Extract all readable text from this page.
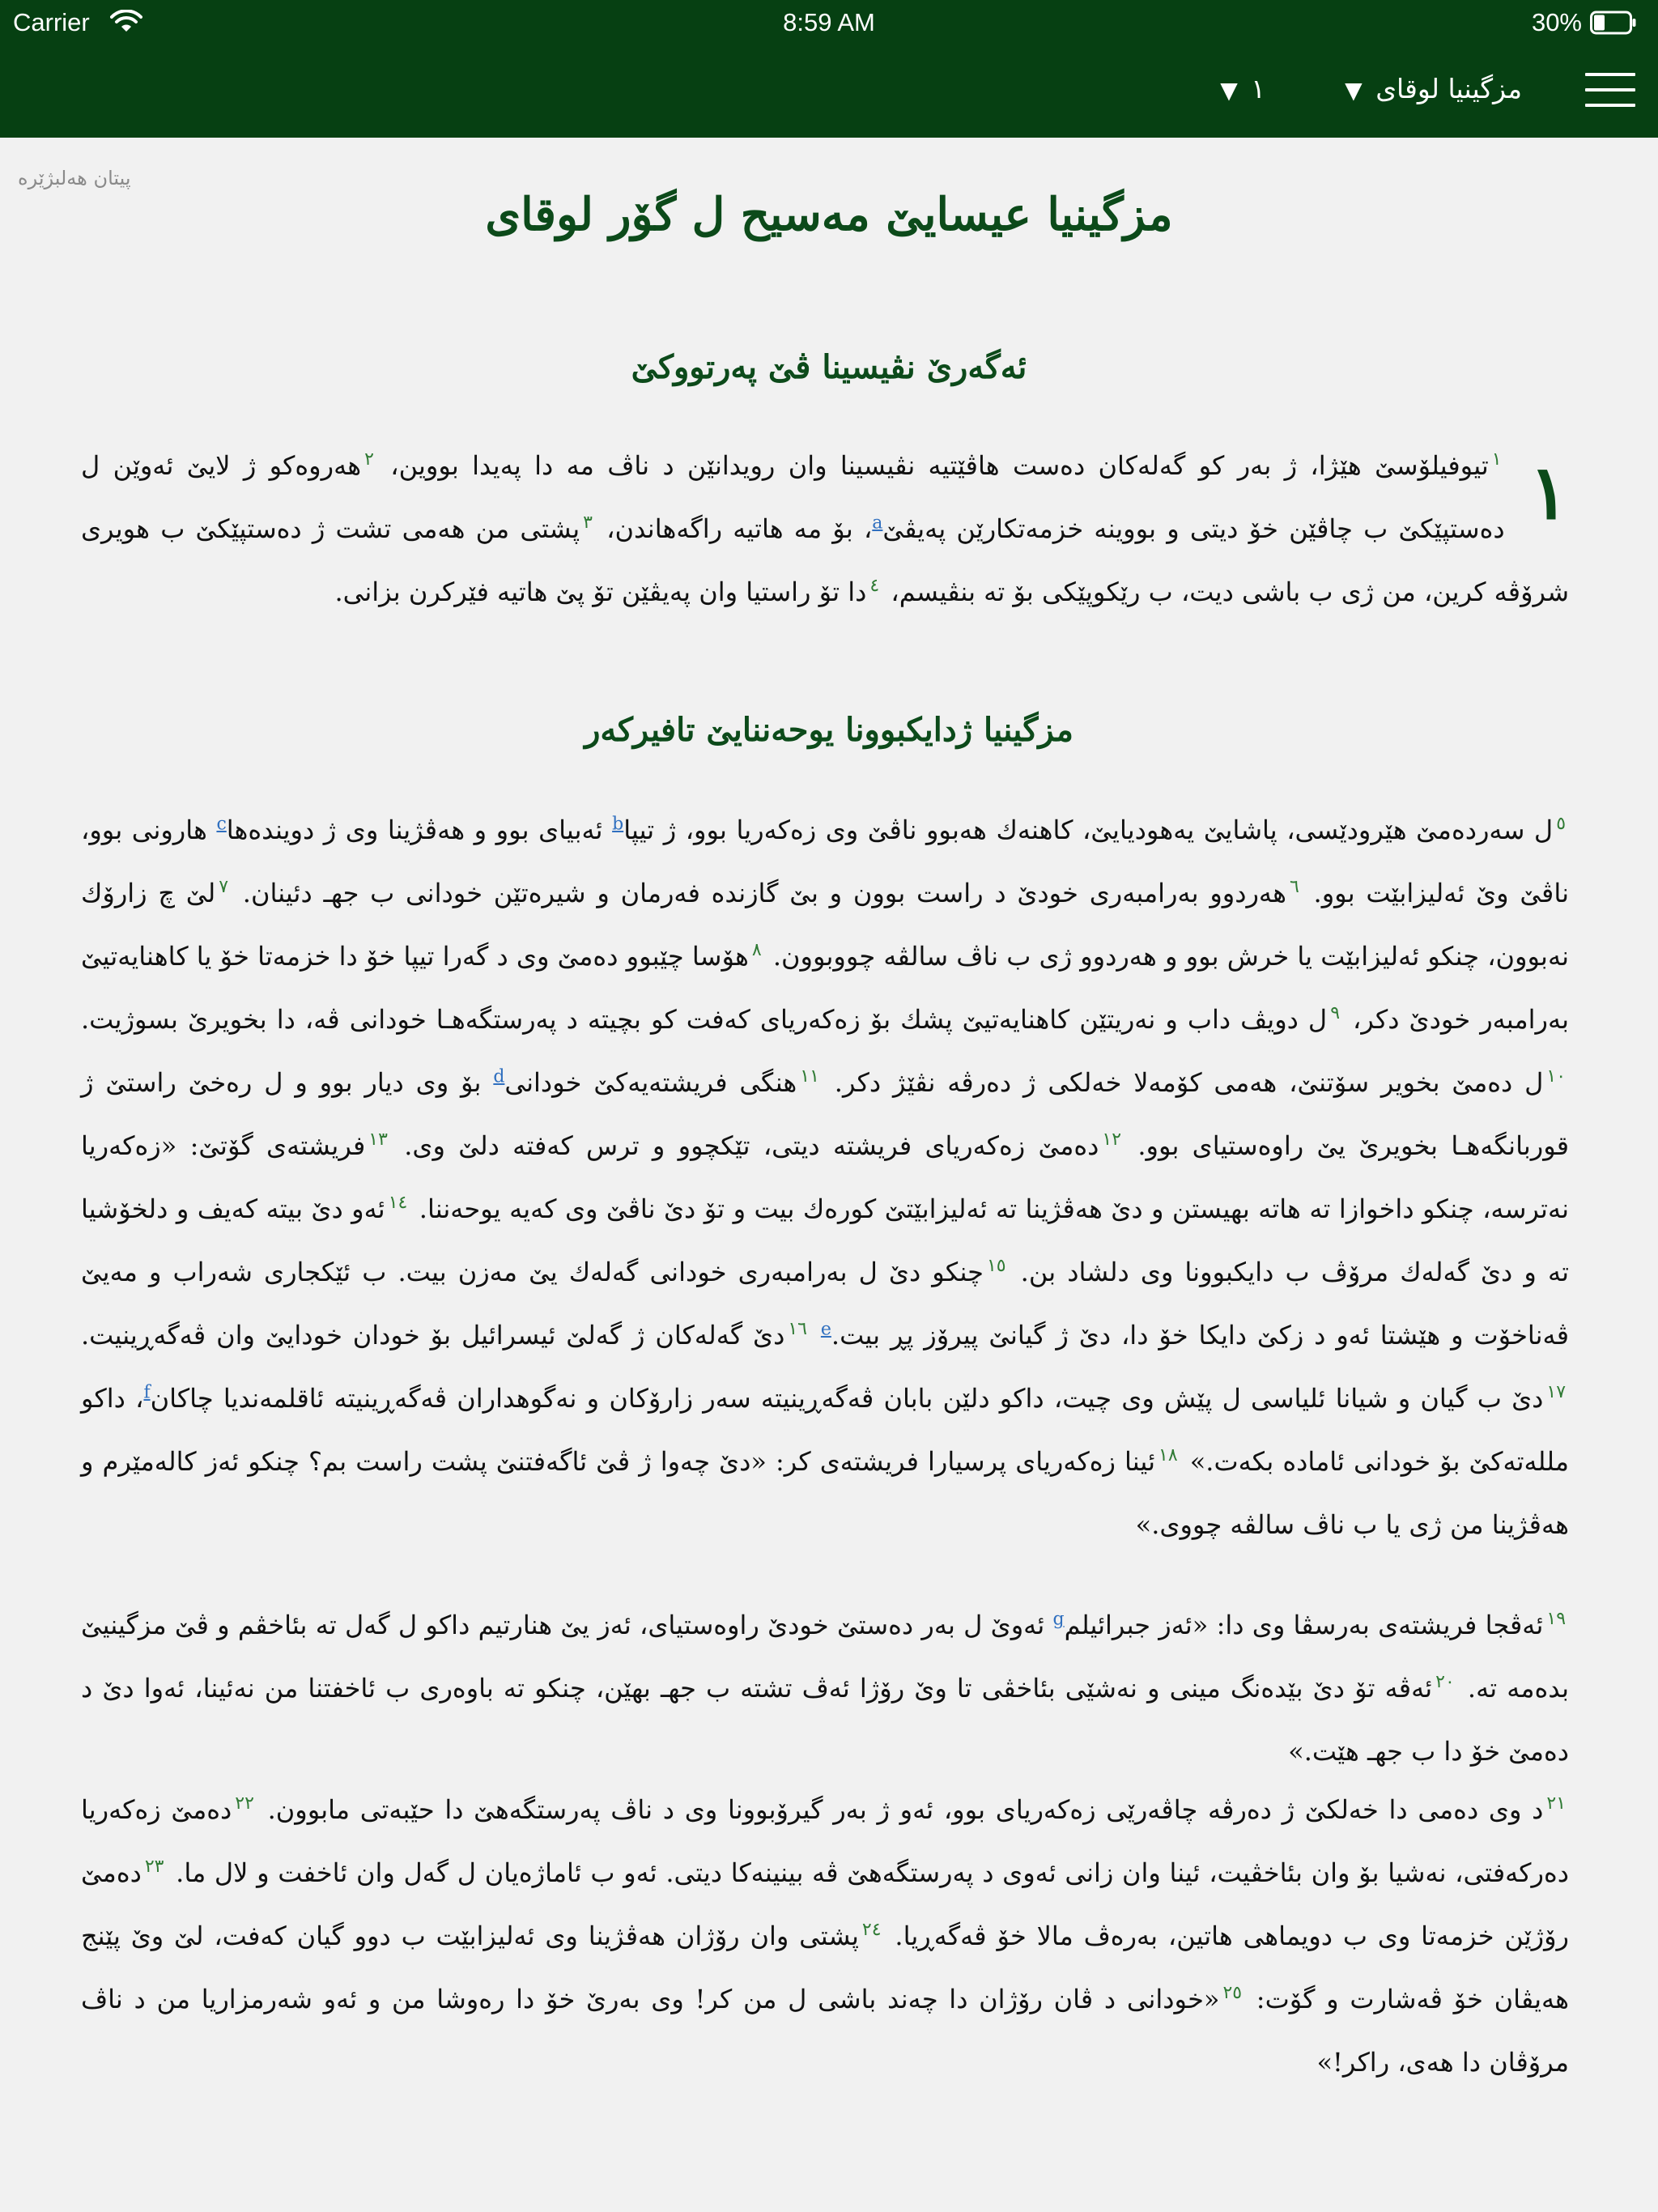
Carrier	8:59 AM	30%
مزگینیا لوقای ▼
١ ▼
پیتان هەلبژێرە
مزگینیا عیسایێ مەسیح ل گۆر لوقای
ئەگەرێ نڤیسینا ڤێ پەرتووکێ
١
$^١$تیوفیلۆسێ هێژا، ژ بەر کو گەلەکان دەست هاڤێتیە نڤیسینا وان رویدانێن د ناڤ مە دا پەیدا بووین، $^٢$هەروەکو ژ لایێ ئەوێن ل دەستپێکێ ب چاڤێن خۆ دیتی و بووینە خزمەتکارێن پەیڤێ$^a$، بۆ مە هاتیە راگەهاندن، $^٣$پشتی من هەمی تشت ژ دەستپێکێ ب هویری شرۆڤە کرین، من ژی ب باشی دیت، ب رێکوپێکی بۆ تە بنڤیسم، $^٤$دا تۆ راستیا وان پەیڤێن تۆ پێ هاتیە فێرکرن بزانی.
مزگینیا ژدایکبوونا یوحەننایێ تافیرکەر
$^٥$ل سەردەمێ هێرودێسی، پاشایێ یەهودیایێ، کاهنەك هەبوو ناڤێ وی زەکەریا بوو، ژ تیپا$^b$ ئەبیای بوو و هەڤژینا وی ژ دویندەها$^c$ هارونی بوو، ناڤێ وێ ئەلیزابێت بوو. $^٦$هەردوو بەرامبەری خودێ د راست بوون و بێ گازندە فەرمان و شیرەتێن خودانی ب جهـ دئینان. $^٧$لێ چ زارۆك نەبوون، چنکو ئەلیزابێت یا خرش بوو و هەردوو ژی ب ناڤ سالڤە چووبوون. $^٨$هۆسا چێبوو دەمێ وی د گەرا تیپا خۆ دا خزمەتا خۆ یا کاهنایەتیێ بەرامبەر خودێ دکر، $^٩$ل دویڤ داب و نەریتێن کاهنایەتیێ پشك بۆ زەکەریای کەفت کو بچیتە د پەرستگەهـا خودانی ڤە، دا بخویرێ بسوژیت. $^{١٠}$ل دەمێ بخویر سۆتنێ، هەمی کۆمەلا خەلکی ژ دەرڤە نڤێژ دکر. $^{١١}$هنگی فریشتەیەکێ خودانی$^d$ بۆ وی دیار بوو و ل رەخێ راستێ ژ قوربانگەهـا بخویرێ یێ راوەستیای بوو. $^{١٢}$دەمێ زەکەریای فریشتە دیتی، تێکچوو و ترس کەفتە دلێ وی. $^{١٣}$فریشتەی گۆتێ: «زەکەریا نەترسە، چنکو داخوازا تە هاتە بهیستن و دێ هەڤژینا تە ئەلیزابێتێ کورەك بیت و تۆ دێ ناڤێ وی کەیە یوحەننا. $^{١٤}$ئەو دێ بیتە کەیف و دلخۆشیا تە و دێ گەلەك مرۆڤ ب دایکبوونا وی دلشاد بن. $^{١٥}$چنکو دێ ل بەرامبەری خودانی گەلەك یێ مەزن بیت. ب ئێکجاری شەراب و مەیێ ڤەناخۆت و هێشتا ئەو د زکێ دایکا خۆ دا، دێ ژ گیانێ پیرۆز پڕ بیت.$^e$ $^{١٦}$دێ گەلەکان ژ گەلێ ئیسرائیل بۆ خودان خودایێ وان ڤەگەڕینیت. $^{١٧}$دێ ب گیان و شیانا ئلیاسی ل پێش وی چیت، داکو دلێن بابان ڤەگەڕینیتە سەر زارۆکان و نەگوهداران ڤەگەڕینیتە ئاقلمەندیا چاکان$^f$، داکو مللەتەکێ بۆ خودانی ئامادە بکەت.» $^{١٨}$ئینا زەکەریای پرسیارا فریشتەی کر: «دێ چەوا ژ ڤێ ئاگەفتنێ پشت راست بم؟ چنکو ئەز کالەمێرم و هەڤژینا من ژی یا ب ناڤ سالڤە چووی.»
$^{١٩}$ئەڤجا فریشتەی بەرسڤا وی دا: «ئەز جبرائیلم$^g$ ئەوێ ل بەر دەستێ خودێ راوەستیای، ئەز یێ هنارتیم داکو ل گەل تە بئاخڤم و ڤێ مزگینیێ بدەمە تە. $^{٢٠}$ئەڤە تۆ دێ بێدەنگ مینی و نەشێی بئاخڤی تا وێ رۆژا ئەڤ تشتە ب جهـ بهێن، چنکو تە باوەری ب ئاخفتنا من نەئینا، ئەوا دێ د دەمێ خۆ دا ب جهـ هێت.»
$^{٢١}$د وی دەمی دا خەلکێ ژ دەرڤە چاڤەرێی زەکەریای بوو، ئەو ژ بەر گیرۆبوونا وی د ناڤ پەرستگەهێ دا حێبەتی مابوون. $^{٢٢}$دەمێ زەکەریا دەرکەفتی، نەشیا بۆ وان بئاخڤیت، ئینا وان زانی ئەوی د پەرستگەهێ ڤە بینینەکا دیتی. ئەو ب ئاماژەیان ل گەل وان ئاخفت و لال ما. $^{٢٣}$دەمێ رۆژێن خزمەتا وی ب دویماهی هاتین، بەرەڤ مالا خۆ ڤەگەڕیا. $^{٢٤}$پشتی وان رۆژان هەڤژینا وی ئەلیزابێت ب دوو گیان کەفت، لێ وێ پێنج هەیڤان خۆ ڤەشارت و گۆت: $^{٢٥}$«خودانی د ڤان رۆژان دا چەند باشی ل من کر! وی بەرێ خۆ دا رەوشا من و ئەو شەرمزاریا من د ناڤ مرۆڤان دا هەی، راکر!»
